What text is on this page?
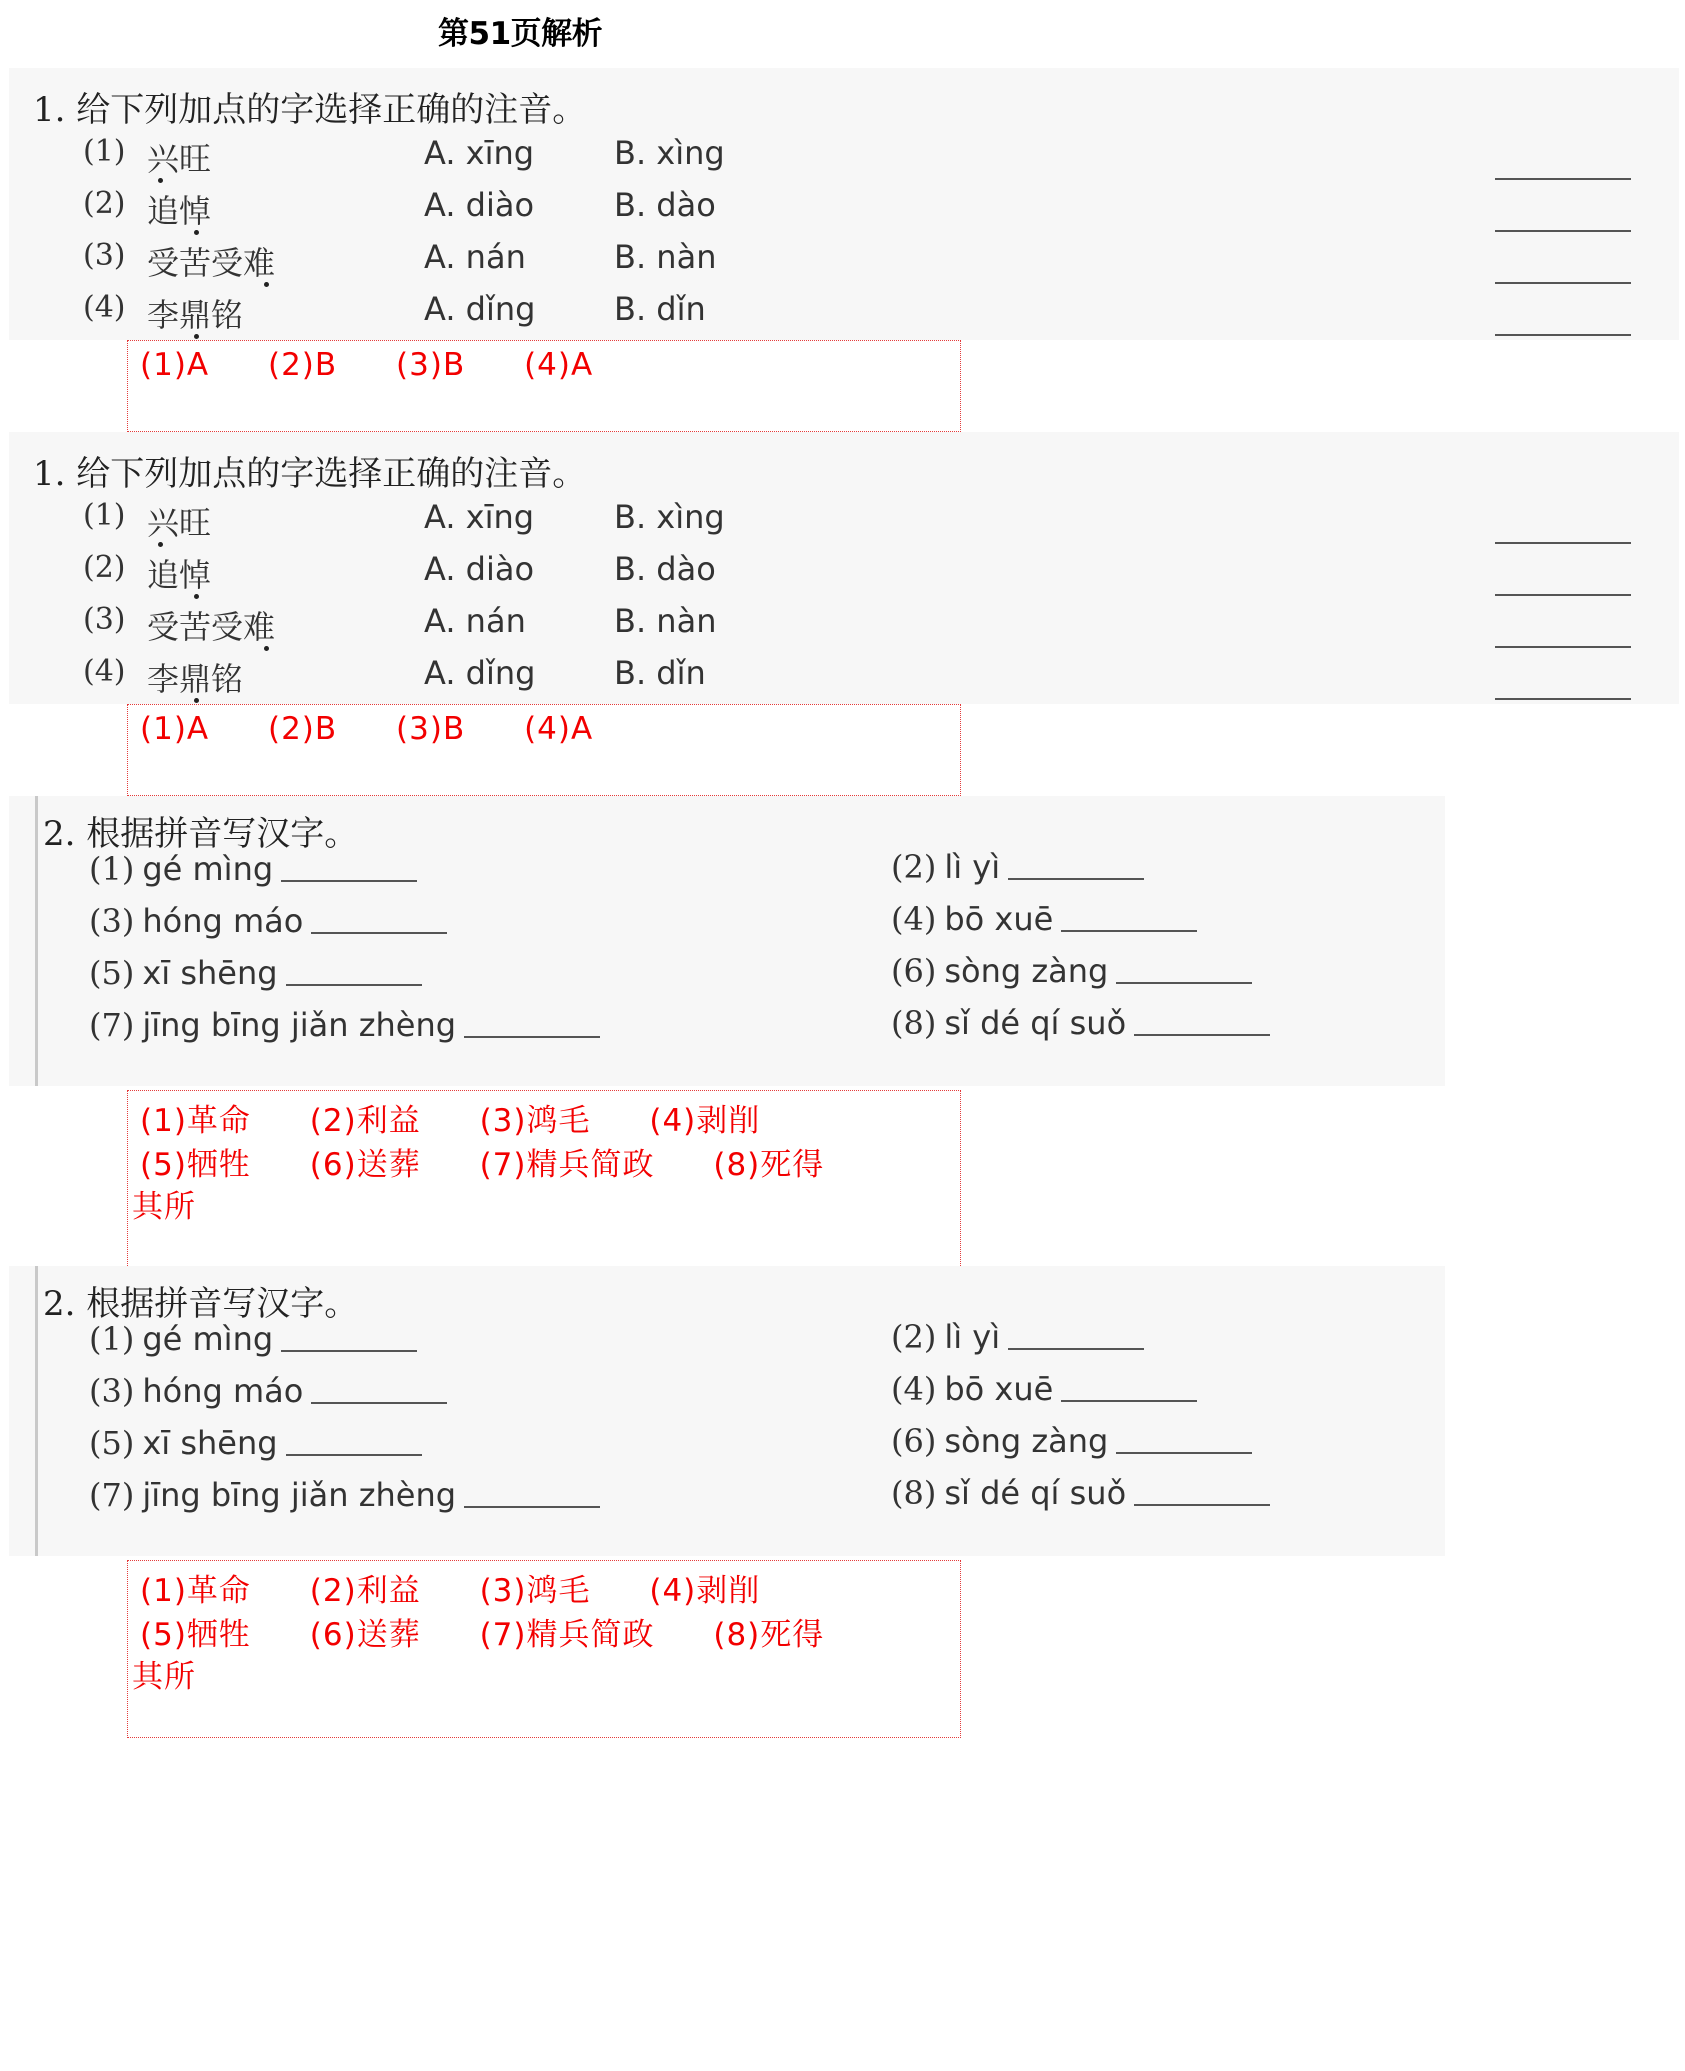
第51页解析
1. 给下列加点的字选择正确的注音。
(1) 兴旺	A. xīng B. xìng
(2) 追悼	A. diào B. dào
(3) 受苦受难	A. nán	B. nàn
(4) 李鼎铭	A. dǐng B. dǐn
(1)A (2)B (3)B (4)A
1. 给下列加点的字选择正确的注音。
(1) 兴旺	A. xīng B. xìng
(2) 追悼	A. diào B. dào
(3) 受苦受难	A. nán	B. nàn
(4) 李鼎铭	A. dǐng B. dǐn
(1)A (2)B (3)B (4)A
2. 根据拼音写汉字。
(1) gé mìng	(2) lì yì
(3) hóng máo	(4) bō xuē
(5) xī shēng	(6) sòng zàng
(7) jīng bīng jiǎn zhèng	(8) sǐ dé qí suǒ
(1)革命 (2)利益 (3)鸿毛 (4)剥削
(5)牺牲 (6)送葬 (7)精兵简政 (8)死得
其所
2. 根据拼音写汉字。
(1) gé mìng	(2) lì yì
(3) hóng máo	(4) bō xuē
(5) xī shēng	(6) sòng zàng
(7) jīng bīng jiǎn zhèng	(8) sǐ dé qí suǒ
(1)革命 (2)利益 (3)鸿毛 (4)剥削
(5)牺牲 (6)送葬 (7)精兵简政 (8)死得
其所
